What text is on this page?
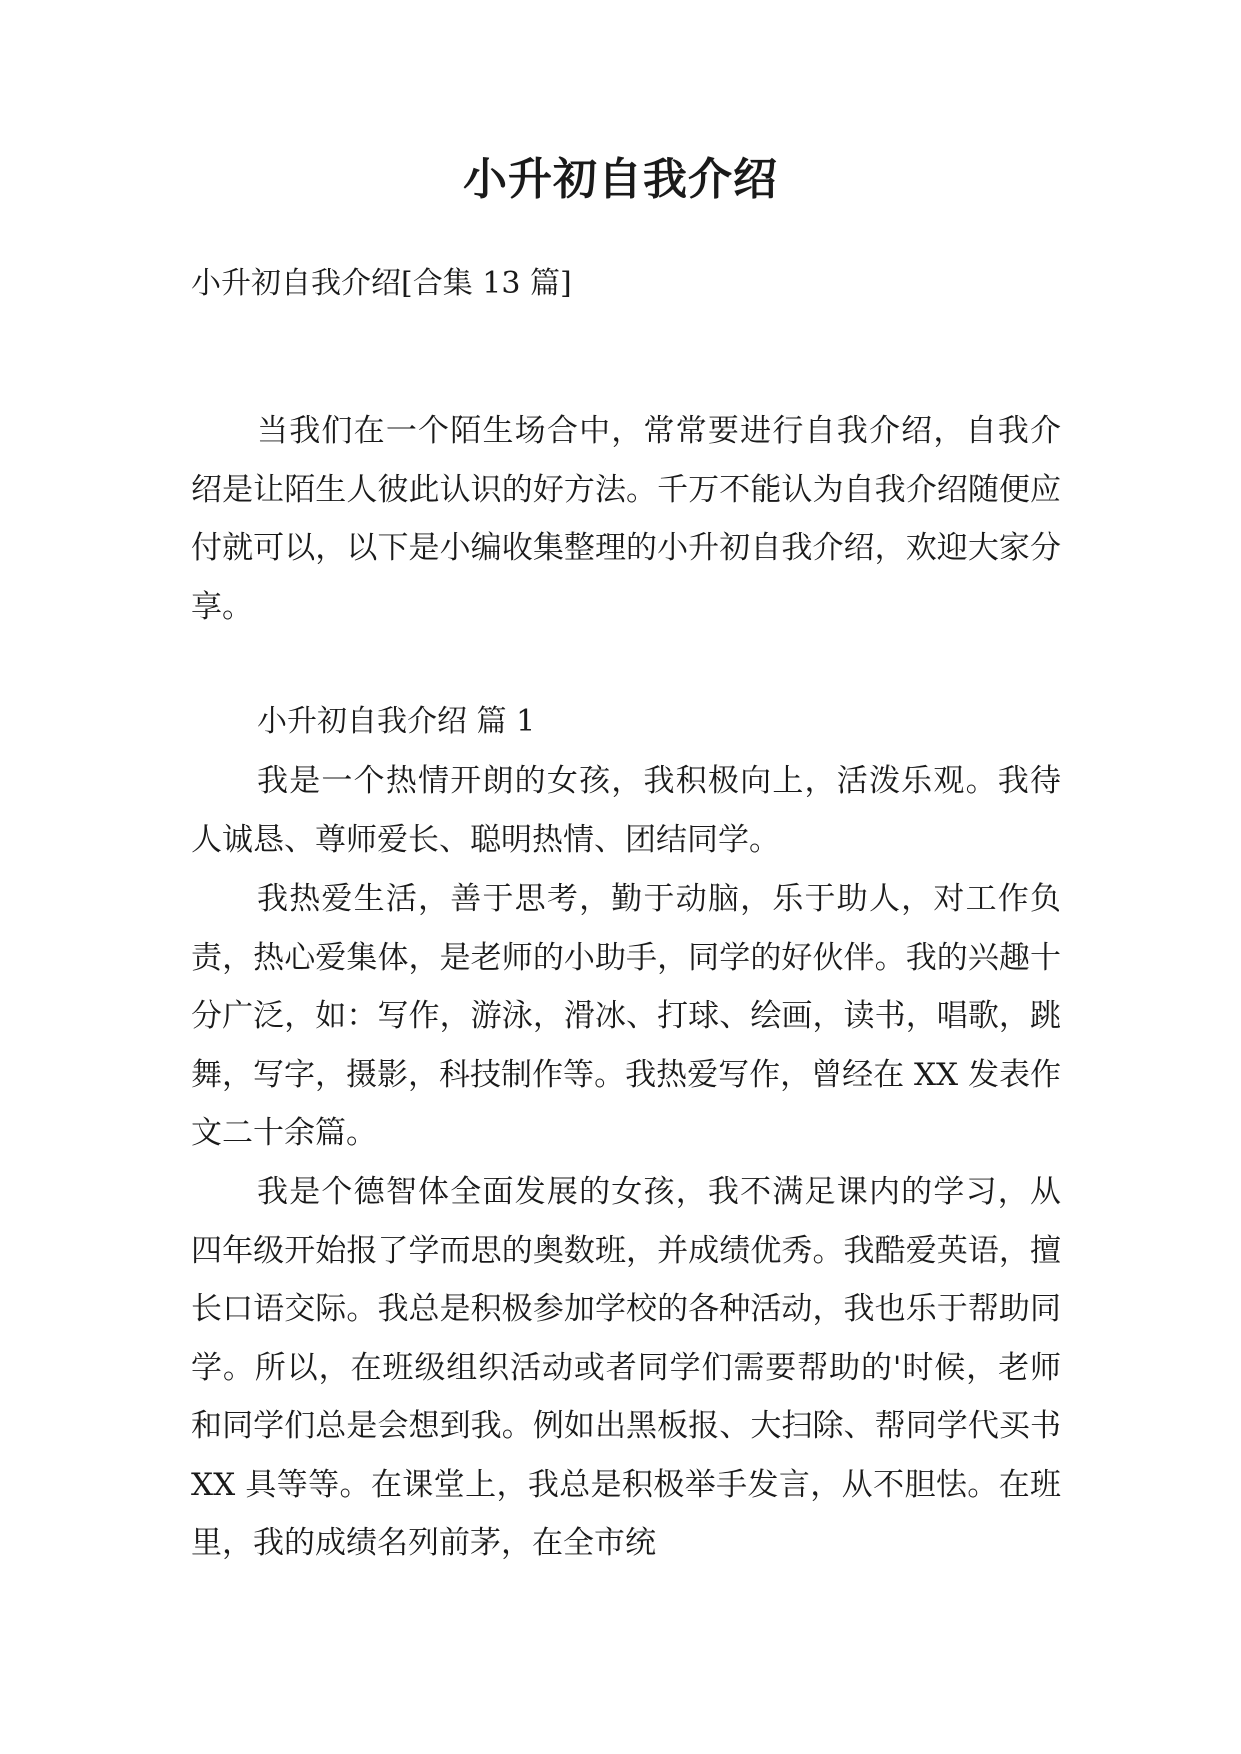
小升初自我介绍
小升初自我介绍[合集 13 篇]
当我们在一个陌生场合中，常常要进行自我介绍，自我介绍是让陌生人彼此认识的好方法。千万不能认为自我介绍随便应付就可以，以下是小编收集整理的小升初自我介绍，欢迎大家分享。
小升初自我介绍 篇 1
我是一个热情开朗的女孩，我积极向上，活泼乐观。我待人诚恳、尊师爱长、聪明热情、团结同学。
我热爱生活，善于思考，勤于动脑，乐于助人，对工作负责，热心爱集体，是老师的小助手，同学的好伙伴。我的兴趣十分广泛，如：写作，游泳，滑冰、打球、绘画，读书，唱歌，跳舞，写字，摄影，科技制作等。我热爱写作，曾经在 XX 发表作文二十余篇。
我是个德智体全面发展的女孩，我不满足课内的学习，从四年级开始报了学而思的奥数班，并成绩优秀。我酷爱英语，擅长口语交际。我总是积极参加学校的各种活动，我也乐于帮助同学。所以，在班级组织活动或者同学们需要帮助的'时候，老师和同学们总是会想到我。例如出黑板报、大扫除、帮同学代买书 XX 具等等。在课堂上，我总是积极举手发言，从不胆怯。在班里，我的成绩名列前茅，在全市统
